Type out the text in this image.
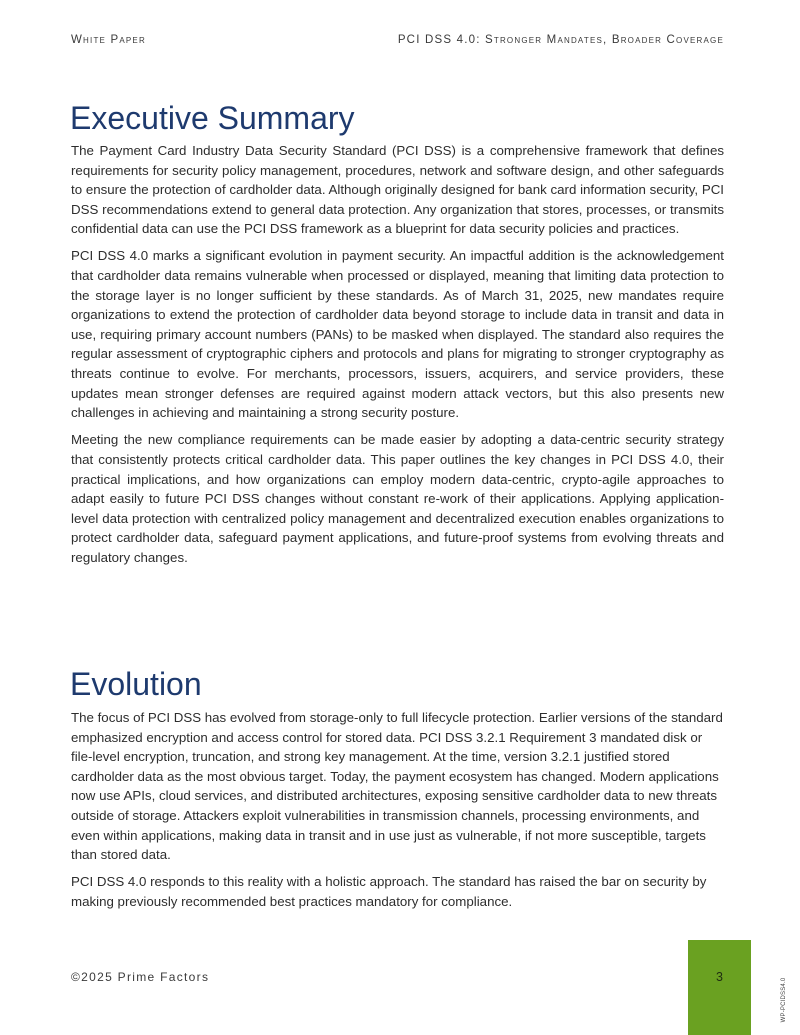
White Paper	PCI DSS 4.0: Stronger Mandates, Broader Coverage
Executive Summary

The Payment Card Industry Data Security Standard (PCI DSS) is a comprehensive framework that defines requirements for security policy management, procedures, network and software design, and other safeguards to ensure the protection of cardholder data. Although originally designed for bank card information security, PCI DSS recommendations extend to general data protection. Any organization that stores, processes, or transmits confidential data can use the PCI DSS framework as a blueprint for data security policies and practices.

PCI DSS 4.0 marks a significant evolution in payment security. An impactful addition is the acknowledgement that cardholder data remains vulnerable when processed or displayed, meaning that limiting data protection to the storage layer is no longer sufficient by these standards. As of March 31, 2025, new mandates require organizations to extend the protection of cardholder data beyond storage to include data in transit and data in use, requiring primary account numbers (PANs) to be masked when displayed. The standard also requires the regular assessment of cryptographic ciphers and protocols and plans for migrating to stronger cryptography as threats continue to evolve. For merchants, processors, issuers, acquirers, and service providers, these updates mean stronger defenses are required against modern attack vectors, but this also presents new challenges in achieving and maintaining a strong security posture.

Meeting the new compliance requirements can be made easier by adopting a data-centric security strategy that consistently protects critical cardholder data. This paper outlines the key changes in PCI DSS 4.0, their practical implications, and how organizations can employ modern data-centric, crypto-agile approaches to adapt easily to future PCI DSS changes without constant re-work of their applications. Applying application-level data protection with centralized policy management and decentralized execution enables organizations to protect cardholder data, safeguard payment applications, and future-proof systems from evolving threats and regulatory changes.

Evolution

The focus of PCI DSS has evolved from storage-only to full lifecycle protection. Earlier versions of the standard emphasized encryption and access control for stored data. PCI DSS 3.2.1 Requirement 3 mandated disk or file-level encryption, truncation, and strong key management. At the time, version 3.2.1 justified stored cardholder data as the most obvious target. Today, the payment ecosystem has changed. Modern applications now use APIs, cloud services, and distributed architectures, exposing sensitive cardholder data to new threats outside of storage. Attackers exploit vulnerabilities in transmission channels, processing environments, and even within applications, making data in transit and in use just as vulnerable, if not more susceptible, targets than stored data.

PCI DSS 4.0 responds to this reality with a holistic approach. The standard has raised the bar on security by making previously recommended best practices mandatory for compliance.

©2025 Prime Factors	3
WP-PCIDSS4.0
